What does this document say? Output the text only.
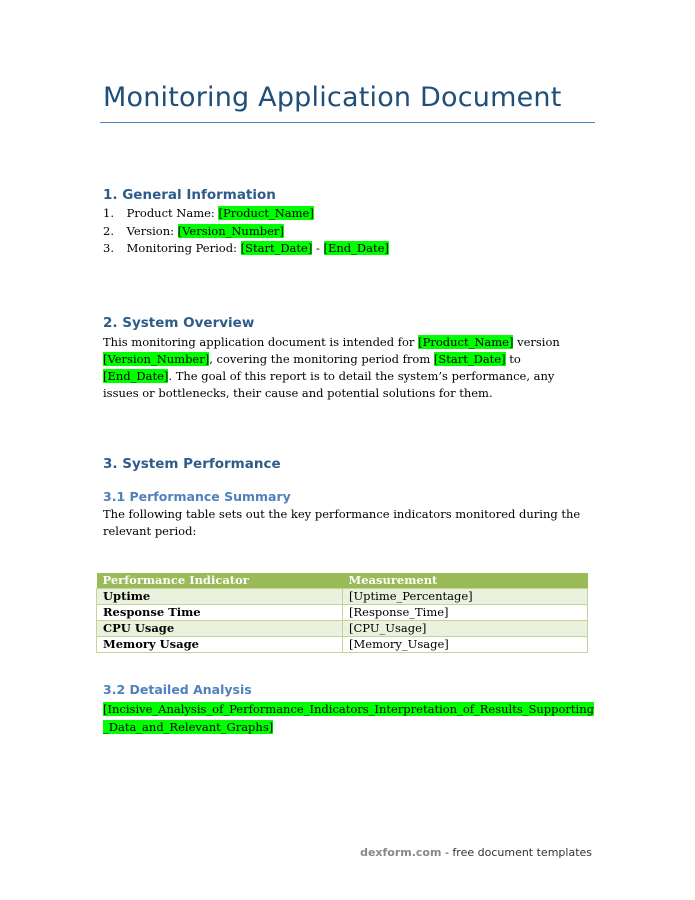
Monitoring Application Document
1. General Information
1. Product Name: [Product_Name]
2. Version: [Version_Number]
3. Monitoring Period: [Start_Date] - [End_Date]
2. System Overview

This monitoring application document is intended for [Product_Name] version [Version_Number], covering the monitoring period from [Start_Date] to [End_Date]. The goal of this report is to detail the system’s performance, any issues or bottlenecks, their cause and potential solutions for them.

3. System Performance
3.1 Performance Summary

The following table sets out the key performance indicators monitored during the relevant period:

Performance Indicator	Measurement
Uptime	[Uptime_Percentage]
Response Time	[Response_Time]
CPU Usage	[CPU_Usage]
Memory Usage	[Memory_Usage]
3.2 Detailed Analysis

[Incisive_Analysis_of_Performance_Indicators_Interpretation_of_Results_Supporting_Data_and_Relevant_Graphs]

dexform.com - free document templates
